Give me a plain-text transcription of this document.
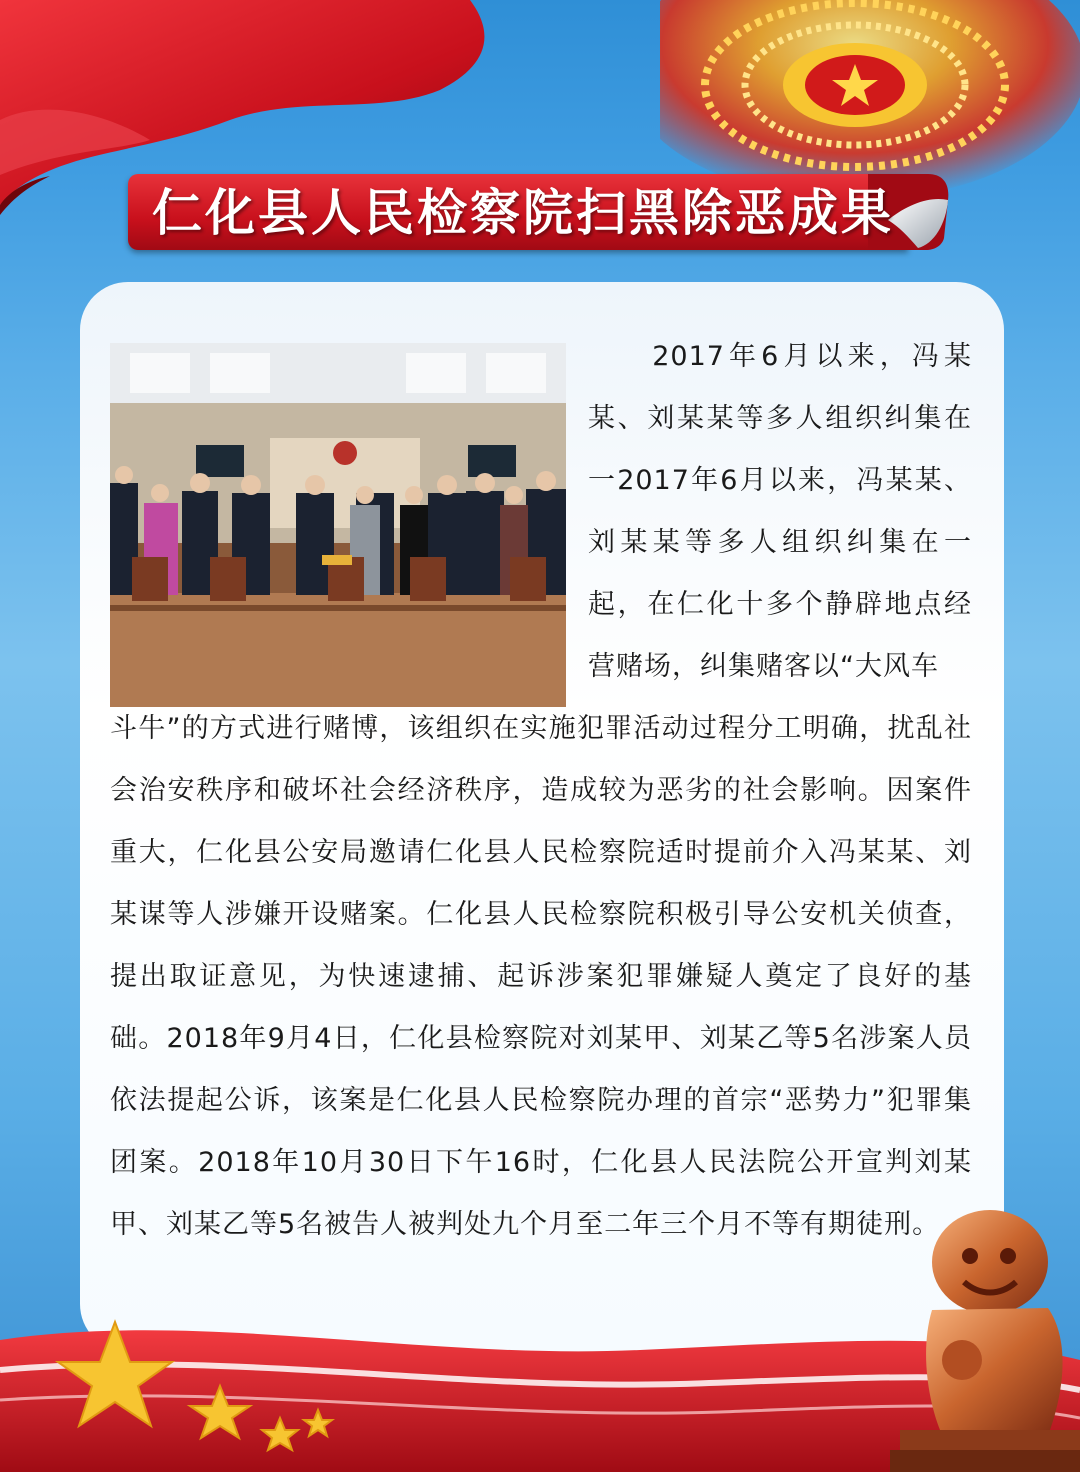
仁化县人民检察院扫黑除恶成果

　　2017年6月以来，冯某某、刘某某等多人组织纠集在一2017年6月以来，冯某某、刘某某等多人组织纠集在一起，在仁化十多个静辟地点经营赌场，纠集赌客以“大风车

斗牛”的方式进行赌博，该组织在实施犯罪活动过程分工明确，扰乱社会治安秩序和破坏社会经济秩序，造成较为恶劣的社会影响。因案件重大，仁化县公安局邀请仁化县人民检察院适时提前介入冯某某、刘某谋等人涉嫌开设赌案。仁化县人民检察院积极引导公安机关侦查，提出取证意见，为快速逮捕、起诉涉案犯罪嫌疑人奠定了良好的基础。2018年9月4日，仁化县检察院对刘某甲、刘某乙等5名涉案人员依法提起公诉，该案是仁化县人民检察院办理的首宗“恶势力”犯罪集团案。2018年10月30日下午16时，仁化县人民法院公开宣判刘某甲、刘某乙等5名被告人被判处九个月至二年三个月不等有期徒刑。
